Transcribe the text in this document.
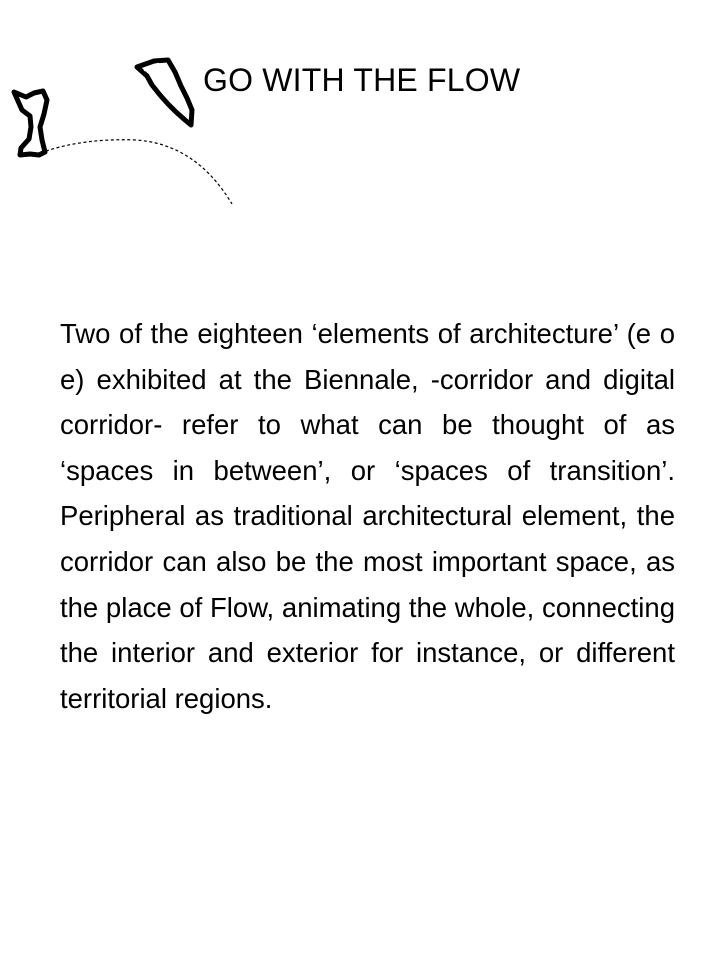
GO WITH THE FLOW

Two of the eighteen ‘elements of architecture’ (e o e) exhibited at the Biennale, -corridor and digital corridor- refer to what can be thought of as ‘spaces in between’, or ‘spaces of transition’. Peripheral as traditional architectural element, the corridor can also be the most important space, as the place of Flow, animating the whole, connecting the interior and exterior for instance, or different territorial regions.
